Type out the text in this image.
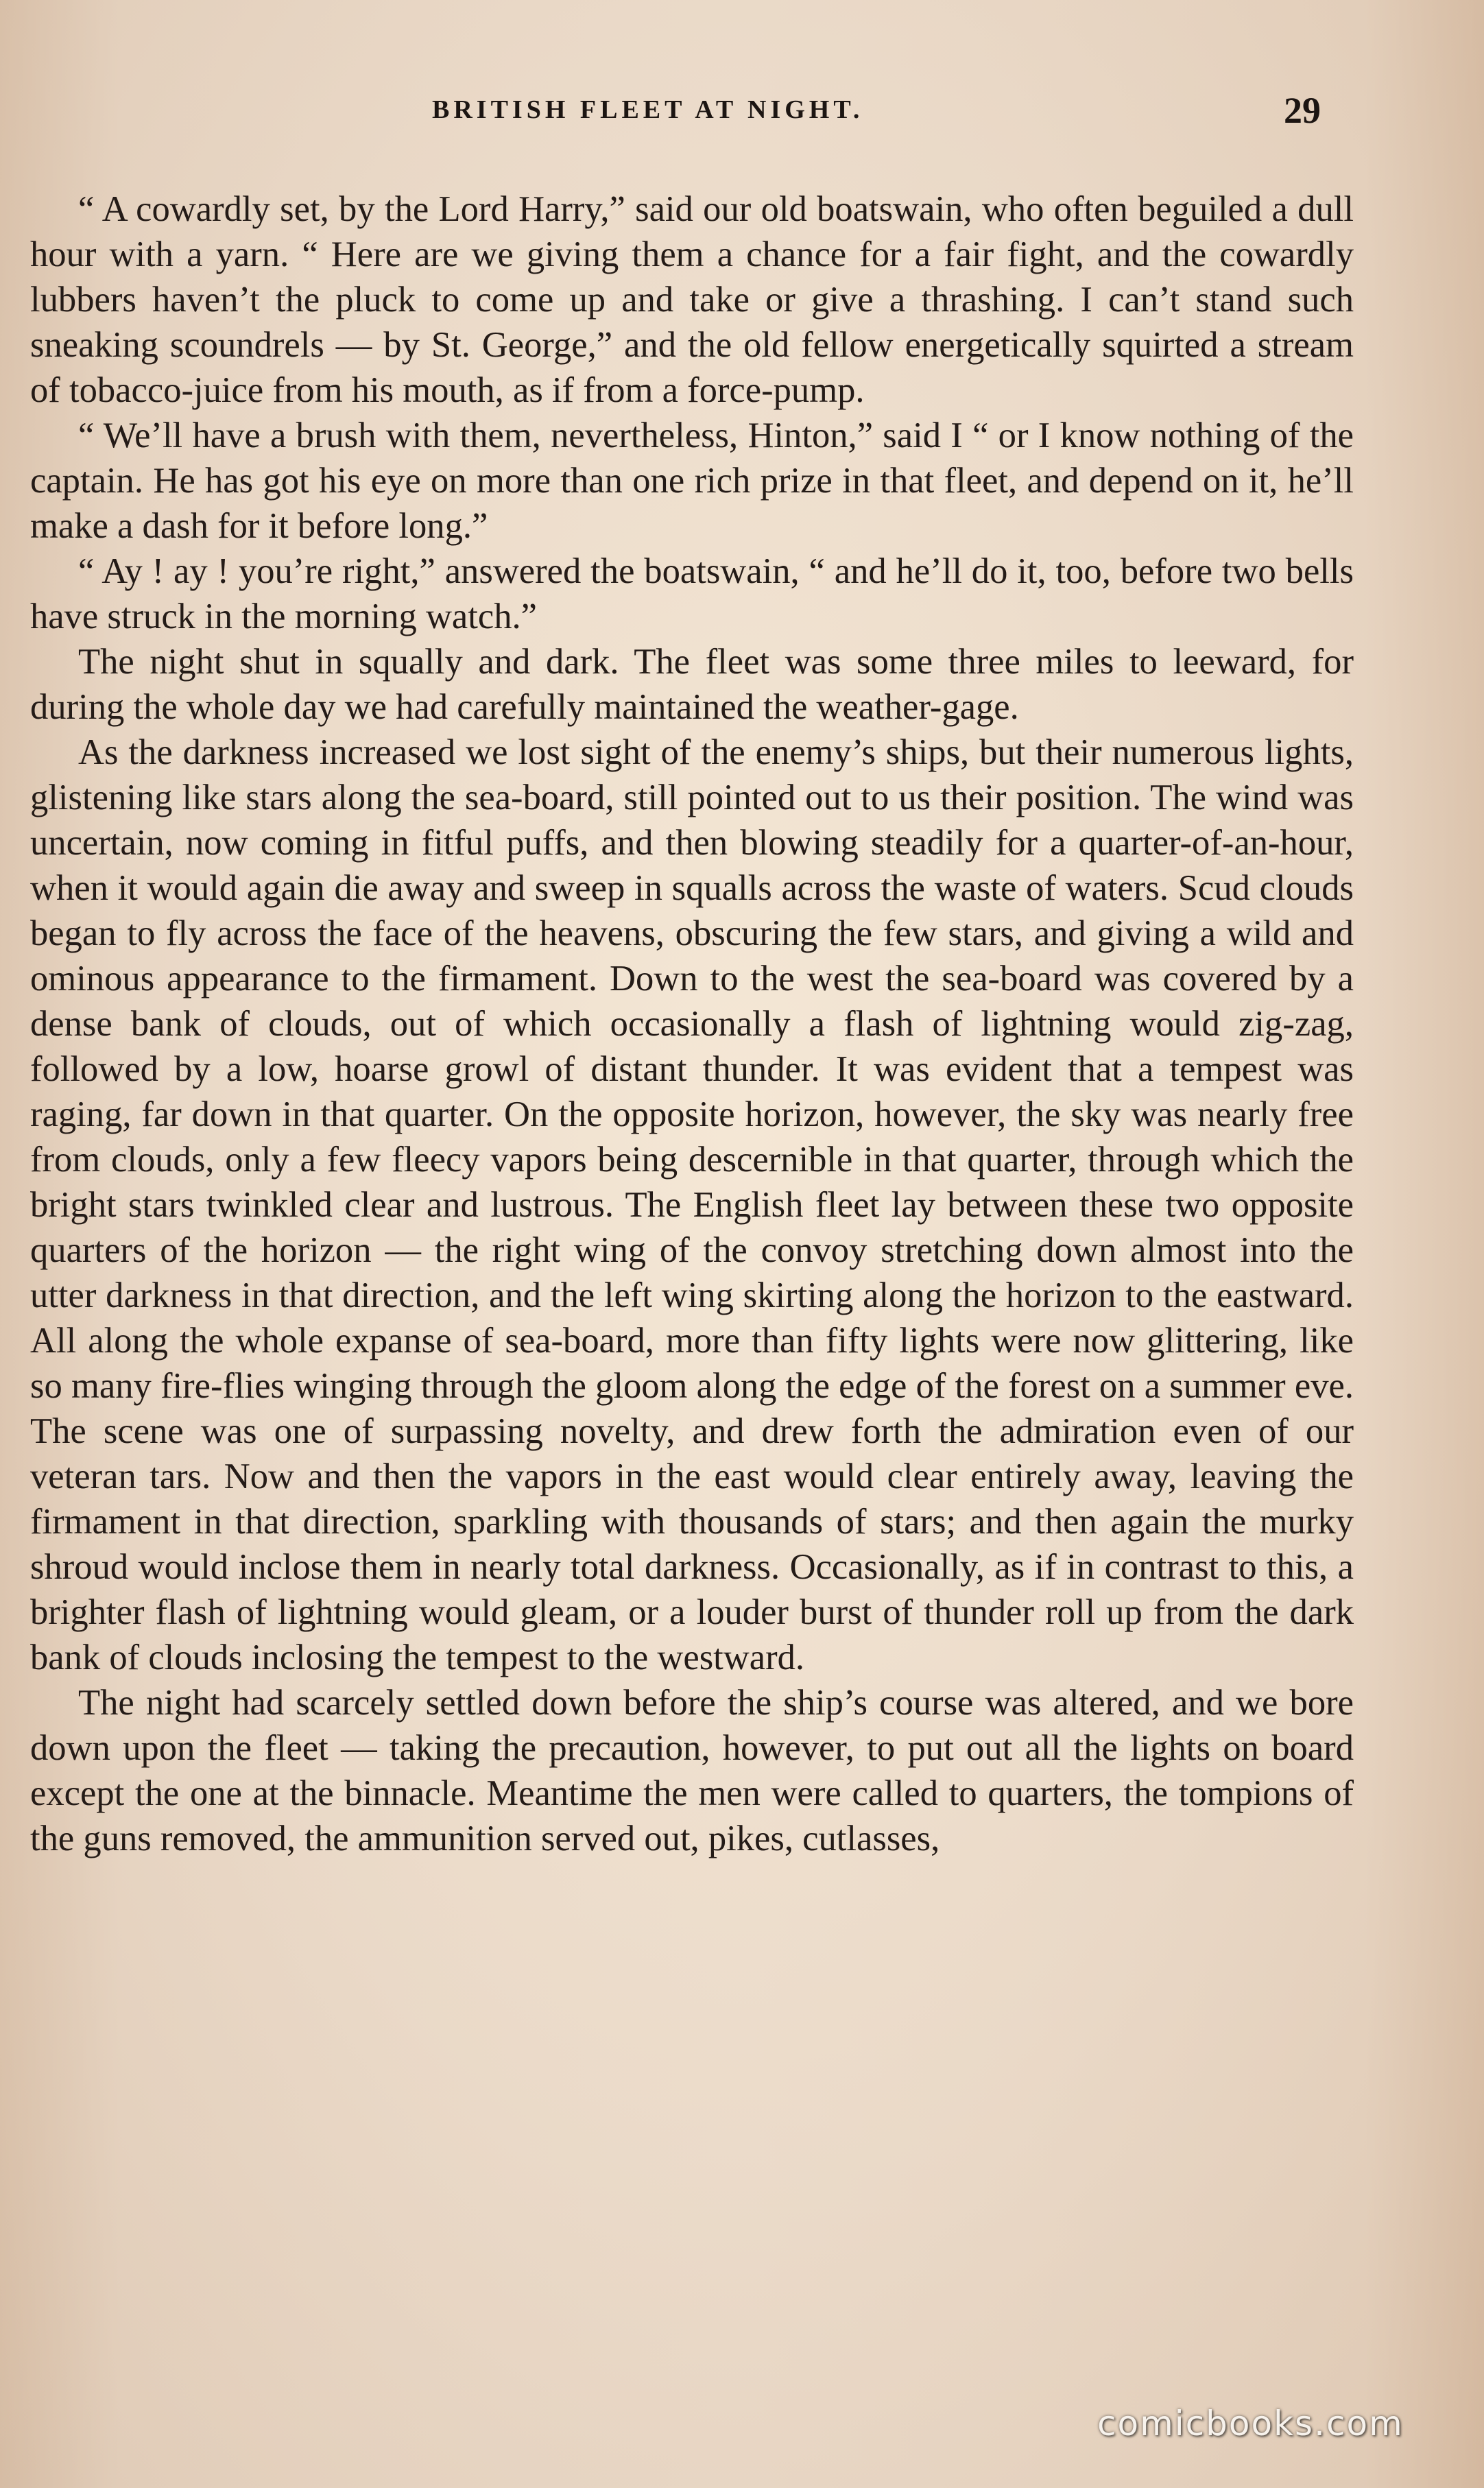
BRITISH FLEET AT NIGHT.	29

“ A cowardly set, by the Lord Harry,” said our old boatswain, who often beguiled a dull hour with a yarn. “ Here are we giving them a chance for a fair fight, and the cowardly lubbers haven’t the pluck to come up and take or give a thrashing. I can’t stand such sneaking scoundrels — by St. George,” and the old fellow energetically squirted a stream of tobacco-juice from his mouth, as if from a force-pump.

“ We’ll have a brush with them, nevertheless, Hinton,” said I “ or I know nothing of the captain. He has got his eye on more than one rich prize in that fleet, and depend on it, he’ll make a dash for it before long.”

“ Ay ! ay ! you’re right,” answered the boatswain, “ and he’ll do it, too, before two bells have struck in the morning watch.”

The night shut in squally and dark. The fleet was some three miles to leeward, for during the whole day we had carefully maintained the weather-gage.

As the darkness increased we lost sight of the enemy’s ships, but their numerous lights, glistening like stars along the sea-board, still pointed out to us their position. The wind was uncertain, now coming in fitful puffs, and then blowing steadily for a quarter-of-an-hour, when it would again die away and sweep in squalls across the waste of waters. Scud clouds began to fly across the face of the heavens, obscuring the few stars, and giving a wild and ominous appearance to the firmament. Down to the west the sea-board was covered by a dense bank of clouds, out of which occasionally a flash of lightning would zig-zag, followed by a low, hoarse growl of distant thunder. It was evident that a tempest was raging, far down in that quarter. On the opposite horizon, however, the sky was nearly free from clouds, only a few fleecy vapors being descernible in that quarter, through which the bright stars twinkled clear and lustrous. The English fleet lay between these two opposite quarters of the horizon — the right wing of the convoy stretching down almost into the utter darkness in that direction, and the left wing skirting along the horizon to the eastward. All along the whole expanse of sea-board, more than fifty lights were now glittering, like so many fire-flies winging through the gloom along the edge of the forest on a summer eve. The scene was one of surpassing novelty, and drew forth the admiration even of our veteran tars. Now and then the vapors in the east would clear entirely away, leaving the firmament in that direction, sparkling with thousands of stars; and then again the murky shroud would inclose them in nearly total darkness. Occasionally, as if in contrast to this, a brighter flash of lightning would gleam, or a louder burst of thunder roll up from the dark bank of clouds inclosing the tempest to the westward.

The night had scarcely settled down before the ship’s course was altered, and we bore down upon the fleet — taking the precaution, however, to put out all the lights on board except the one at the binnacle. Meantime the men were called to quarters, the tompions of the guns removed, the ammunition served out, pikes, cutlasses,

comicbooks.com
